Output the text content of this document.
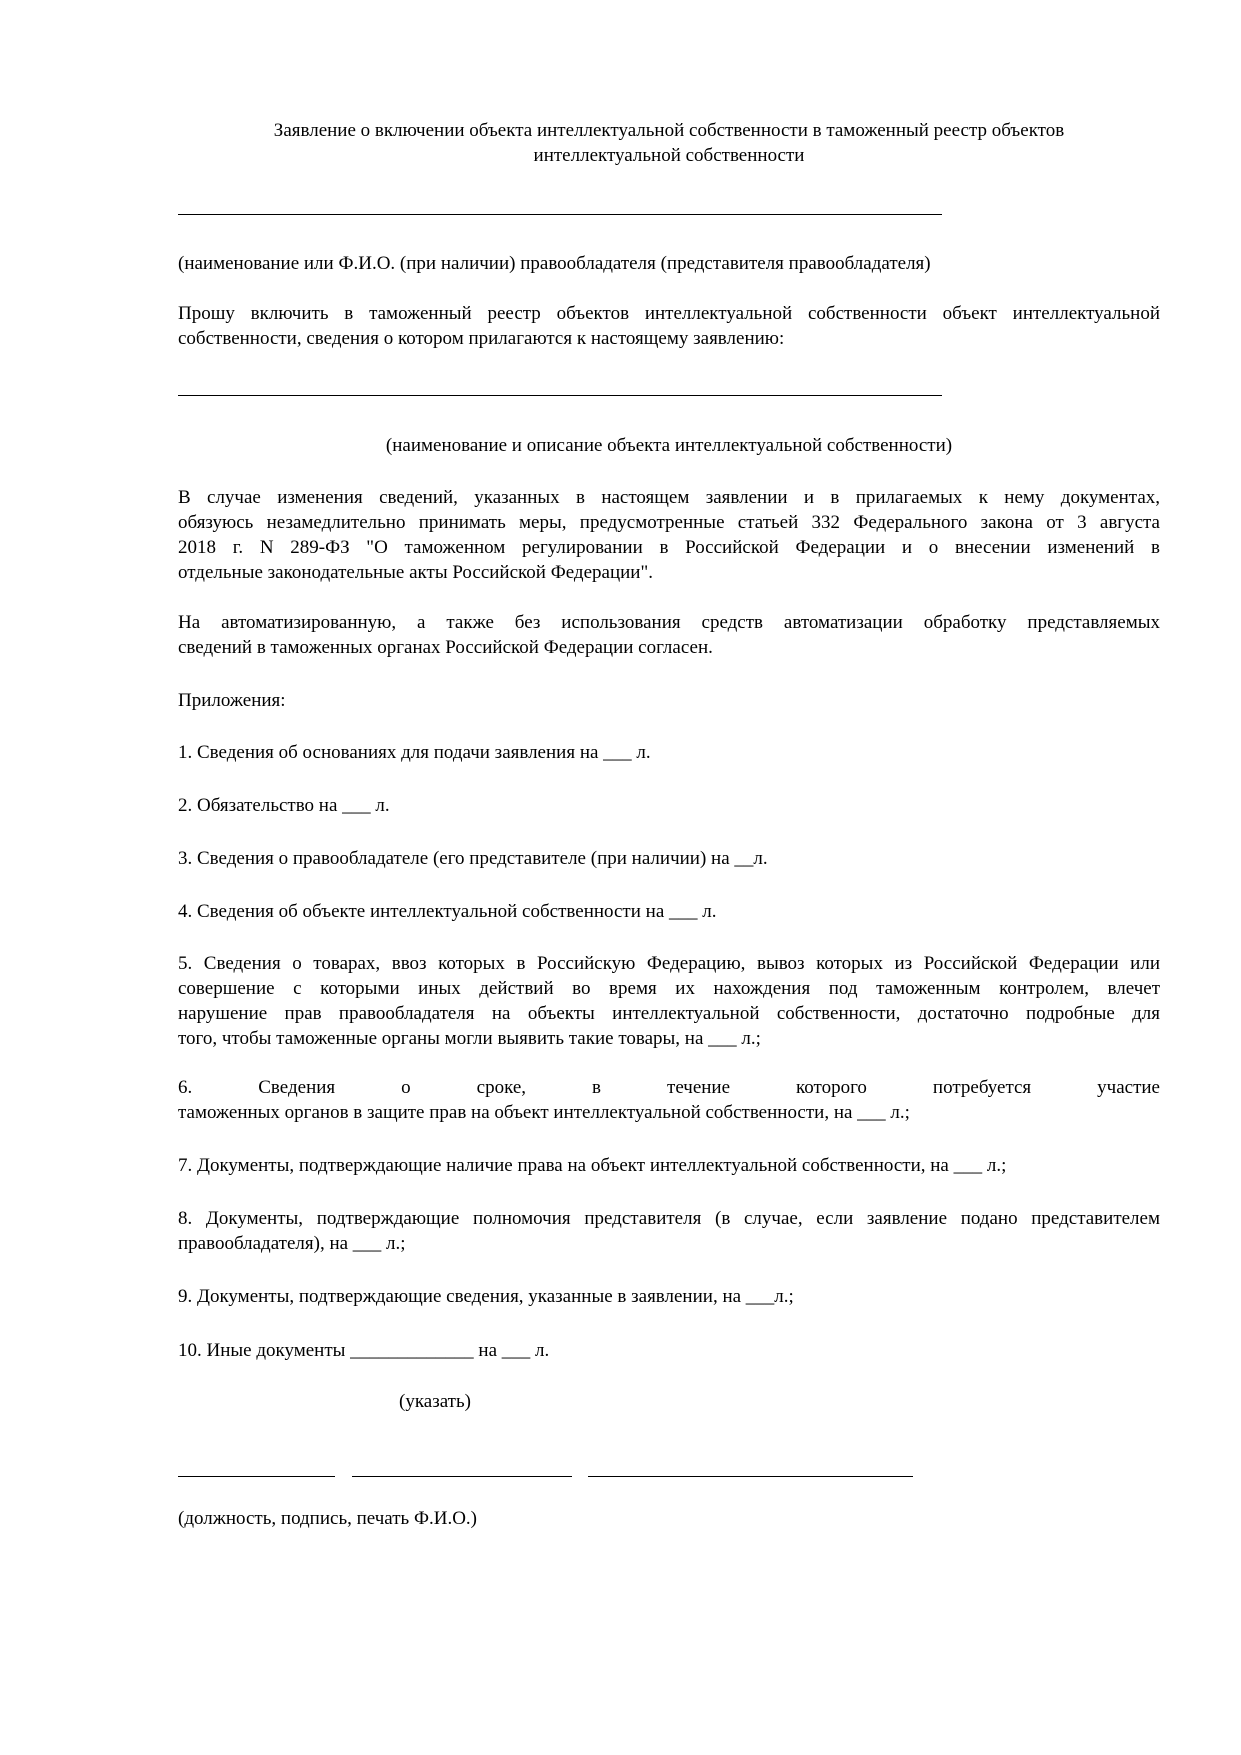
Заявление о включении объекта интеллектуальной собственности в таможенный реестр объектов
интеллектуальной собственности

(наименование или Ф.И.О. (при наличии) правообладателя (представителя правообладателя)

Прошу включить в таможенный реестр объектов интеллектуальной собственности объект интеллектуальной
собственности, сведения о котором прилагаются к настоящему заявлению:

(наименование и описание объекта интеллектуальной собственности)

В случае изменения сведений, указанных в настоящем заявлении и в прилагаемых к нему документах,
обязуюсь незамедлительно принимать меры, предусмотренные статьей 332 Федерального закона от 3 августа
2018 г. N 289-ФЗ "О таможенном регулировании в Российской Федерации и о внесении изменений в
отдельные законодательные акты Российской Федерации".
На автоматизированную, а также без использования средств автоматизации обработку представляемых
сведений в таможенных органах Российской Федерации согласен.

Приложения:

1. Сведения об основаниях для подачи заявления на ___ л.

2. Обязательство на ___ л.

3. Сведения о правообладателе (его представителе (при наличии) на __л.

4. Сведения об объекте интеллектуальной собственности на ___ л.

5. Сведения о товарах, ввоз которых в Российскую Федерацию, вывоз которых из Российской Федерации или
совершение с которыми иных действий во время их нахождения под таможенным контролем, влечет
нарушение прав правообладателя на объекты интеллектуальной собственности, достаточно подробные для
того, чтобы таможенные органы могли выявить такие товары, на ___ л.;
6. Сведения о сроке, в течение которого потребуется участие
таможенных органов в защите прав на объект интеллектуальной собственности, на ___ л.;

7. Документы, подтверждающие наличие права на объект интеллектуальной собственности, на ___ л.;

8. Документы, подтверждающие полномочия представителя (в случае, если заявление подано представителем
правообладателя), на ___ л.;

9. Документы, подтверждающие сведения, указанные в заявлении, на ___л.;

10. Иные документы _____________ на ___ л.

(указать)

(должность, подпись, печать Ф.И.О.)
